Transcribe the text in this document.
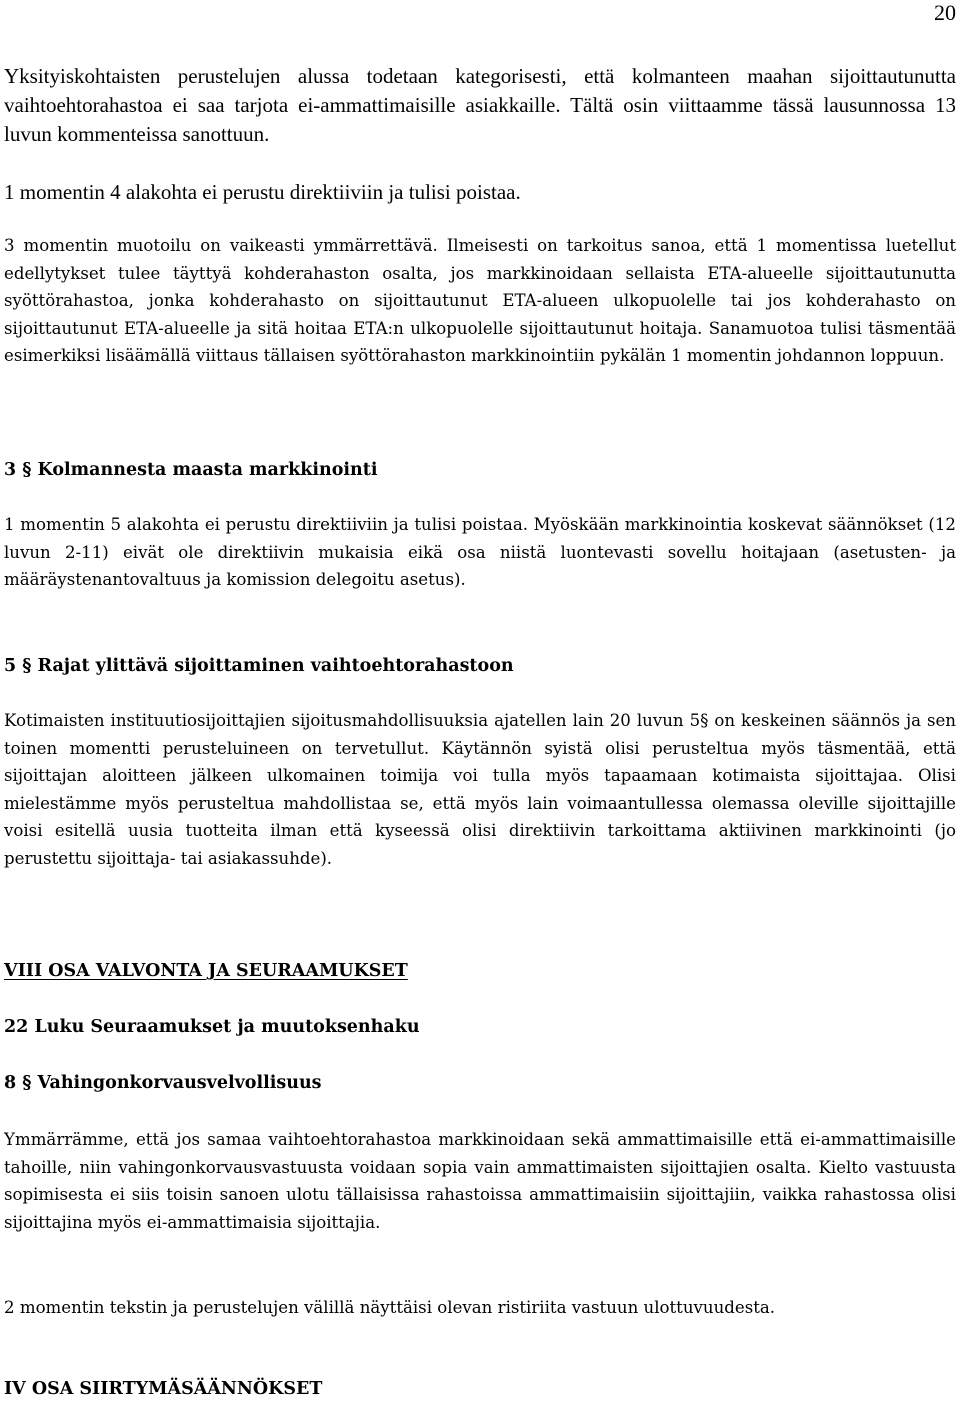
20

Yksityiskohtaisten perustelujen alussa todetaan kategorisesti, että kolmanteen maahan sijoittautunutta vaihtoehtorahastoa ei saa tarjota ei-ammattimaisille asiakkaille. Tältä osin viittaamme tässä lausunnossa 13 luvun kommenteissa sanottuun.

1 momentin 4 alakohta ei perustu direktiiviin ja tulisi poistaa.

3 momentin muotoilu on vaikeasti ymmärrettävä. Ilmeisesti on tarkoitus sanoa, että 1 momentissa luetellut edellytykset tulee täyttyä kohderahaston osalta, jos markkinoidaan sellaista ETA-alueelle sijoittautunutta syöttörahastoa, jonka kohderahasto on sijoittautunut ETA-alueen ulkopuolelle tai jos kohderahasto on sijoittautunut ETA-alueelle ja sitä hoitaa ETA:n ulkopuolelle sijoittautunut hoitaja. Sanamuotoa tulisi täsmentää esimerkiksi lisäämällä viittaus tällaisen syöttörahaston markkinointiin pykälän 1 momentin johdannon loppuun.

3 § Kolmannesta maasta markkinointi

1 momentin 5 alakohta ei perustu direktiiviin ja tulisi poistaa. Myöskään markkinointia koskevat säännökset (12 luvun 2-11) eivät ole direktiivin mukaisia eikä osa niistä luontevasti sovellu hoitajaan (asetusten- ja määräystenantovaltuus ja komission delegoitu asetus).

5 § Rajat ylittävä sijoittaminen vaihtoehtorahastoon

Kotimaisten instituutiosijoittajien sijoitusmahdollisuuksia ajatellen lain 20 luvun 5§ on keskeinen säännös ja sen toinen momentti perusteluineen on tervetullut. Käytännön syistä olisi perusteltua myös täsmentää, että sijoittajan aloitteen jälkeen ulkomainen toimija voi tulla myös tapaamaan kotimaista sijoittajaa. Olisi mielestämme myös perusteltua mahdollistaa se, että myös lain voimaantullessa olemassa oleville sijoittajille voisi esitellä uusia tuotteita ilman että kyseessä olisi direktiivin tarkoittama aktiivinen markkinointi (jo perustettu sijoittaja- tai asiakassuhde).

VIII OSA VALVONTA JA SEURAAMUKSET
22 Luku Seuraamukset ja muutoksenhaku
8 § Vahingonkorvausvelvollisuus

Ymmärrämme, että jos samaa vaihtoehtorahastoa markkinoidaan sekä ammattimaisille että ei-ammattimaisille tahoille, niin vahingonkorvausvastuusta voidaan sopia vain ammattimaisten sijoittajien osalta. Kielto vastuusta sopimisesta ei siis toisin sanoen ulotu tällaisissa rahastoissa ammattimaisiin sijoittajiin, vaikka rahastossa olisi sijoittajina myös ei-ammattimaisia sijoittajia.

2 momentin tekstin ja perustelujen välillä näyttäisi olevan ristiriita vastuun ulottuvuudesta.

IV OSA SIIRTYMÄSÄÄNNÖKSET
